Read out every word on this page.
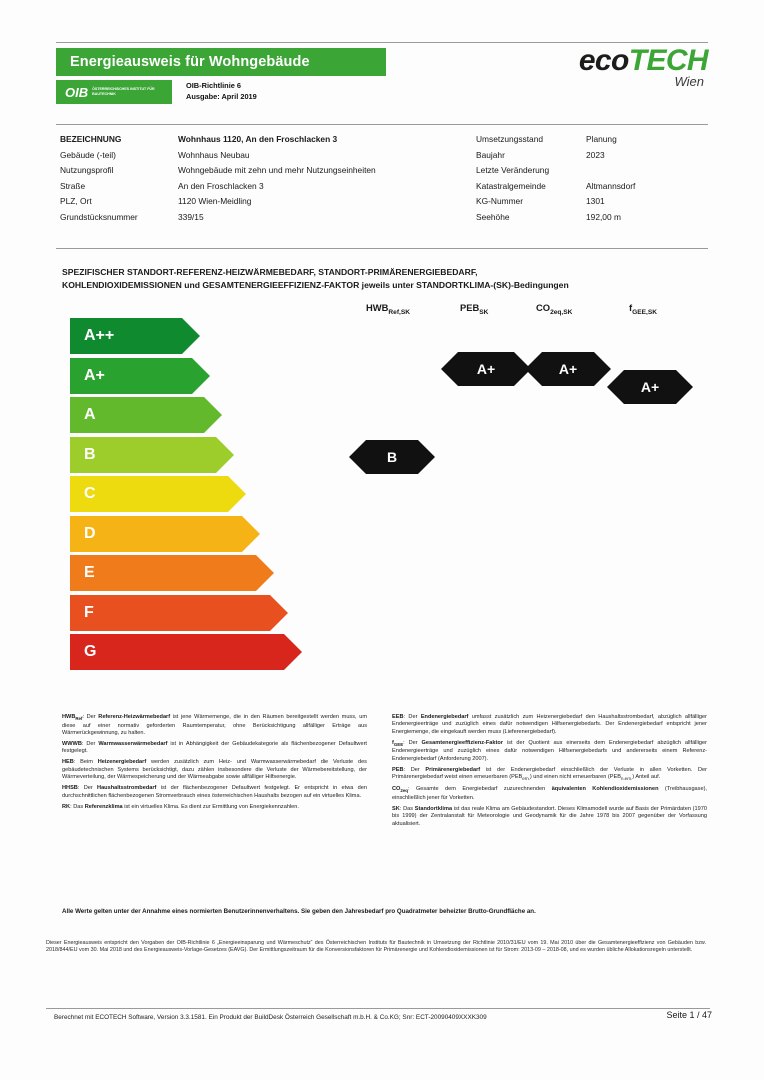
Energieausweis für Wohngebäude
OIB	ÖSTERREICHISCHES INSTITUT FÜR BAUTECHNIK
OIB-Richtlinie 6
Ausgabe: April 2019
ecoTECH
Wien
BEZEICHNUNG	Wohnhaus 1120, An den Froschlacken 3	Umsetzungsstand	Planung
Gebäude (-teil)	Wohnhaus Neubau	Baujahr	2023
Nutzungsprofil	Wohngebäude mit zehn und mehr Nutzungseinheiten	Letzte Veränderung
Straße	An den Froschlacken 3	Katastralgemeinde	Altmannsdorf
PLZ, Ort	1120 Wien-Meidling	KG-Nummer	1301
Grundstücksnummer	339/15	Seehöhe	192,00 m
SPEZIFISCHER STANDORT-REFERENZ-HEIZWÄRMEBEDARF, STANDORT-PRIMÄRENERGIEBEDARF,
KOHLENDIOXIDEMISSIONEN und GESAMTENERGIEEFFIZIENZ-FAKTOR jeweils unter STANDORTKLIMA-(SK)-Bedingungen
$HWB_{Ref,SK}$	$PEB_{SK}$	$CO_{2eq,SK}$	$f_{GEE,SK}$
A++
A+
A
B
C
D
E
F
G
A+	A+
A+
B

$HWB_{Ref}$: Der Referenz-Heizwärmebedarf ist jene Wärmemenge, die in den Räumen bereitgestellt werden muss, um diese auf einer normativ geforderten Raumtemperatur, ohne Berücksichtigung allfälliger Erträge aus Wärmerückgewinnung, zu halten.

WWWB: Der Warmwasserwärmebedarf ist in Abhängigkeit der Gebäudekategorie als flächenbezogener Defaultwert festgelegt.

HEB: Beim Heizenergiebedarf werden zusätzlich zum Heiz- und Warmwasserwärmebedarf die Verluste des gebäudetechnischen Systems berücksichtigt, dazu zählen insbesondere die Verluste der Wärmebereitstellung, der Wärmeverteilung, der Wärmespeicherung und der Wärmeabgabe sowie allfälliger Hilfsenergie.

HHSB: Der Haushaltsstrombedarf ist der flächenbezogener Defaultwert festgelegt. Er entspricht in etwa den durchschnittlichen flächenbezogenen Stromverbrauch eines österreichischen Haushalts bezogen auf ein virtuelles Klima.

RK: Das Referenzklima ist ein virtuelles Klima. Es dient zur Ermittlung von Energiekennzahlen.

EEB: Der Endenergiebedarf umfasst zusätzlich zum Heizenergiebedarf den Haushaltsstrombedarf, abzüglich allfälliger Endenergieerträge und zuzüglich eines dafür notwendigen Hilfsenergiebedarfs. Der Endenergiebedarf entspricht jener Energiemenge, die eingekauft werden muss (Lieferenergiebedarf).

$f_{GEE}$: Der Gesamtenergieeffizienz-Faktor ist der Quotient aus einerseits dem Endenergiebedarf abzüglich allfälliger Endenergieerträge und zuzüglich eines dafür notwendigen Hilfsenergiebedarfs und andererseits einem Referenz-Endenergiebedarf (Anforderung 2007).

PEB: Der Primärenergiebedarf ist der Endenergiebedarf einschließlich der Verluste in allen Vorketten. Der Primärenergiebedarf weist einen erneuerbaren $(PEB_{ern.})$ und einen nicht erneuerbaren $(PEB_{n.ern.})$ Anteil auf.

$CO_{2eq}$: Gesamte dem Energiebedarf zuzurechnenden äquivalenten Kohlendioxidemissionen (Treibhausgase), einschließlich jener für Vorketten.

SK: Das Standortklima ist das reale Klima am Gebäudestandort. Dieses Klimamodell wurde auf Basis der Primärdaten (1970 bis 1999) der Zentralanstalt für Meteorologie und Geodynamik für die Jahre 1978 bis 2007 gegenüber der Vorfassung aktualisiert.

Alle Werte gelten unter der Annahme eines normierten Benutzerinnenverhaltens. Sie geben den Jahresbedarf pro Quadratmeter beheizter Brutto-Grundfläche an.
Dieser Energieausweis entspricht den Vorgaben der OIB-Richtlinie 6 „Energieeinsparung und Wärmeschutz“ des Österreichischen Instituts für Bautechnik in Umsetzung der Richtlinie 2010/31/EU vom 19. Mai 2010 über die Gesamtenergieeffizienz von Gebäuden bzw. 2018/844/EU vom 30. Mai 2018 und des Energieausweis-Vorlage-Gesetzes (EAVG). Der Ermittlungszeitraum für die Konversionsfaktoren für Primärenergie und Kohlendioxidemissionen ist für Strom: 2013-09 – 2018-08, und es wurden übliche Allokationsregeln unterstellt.
Berechnet mit ECOTECH Software, Version 3.3.1581. Ein Produkt der BuildDesk Österreich Gesellschaft m.b.H. & Co.KG; Snr: ECT-20090409XXXK309	Seite 1 / 47
